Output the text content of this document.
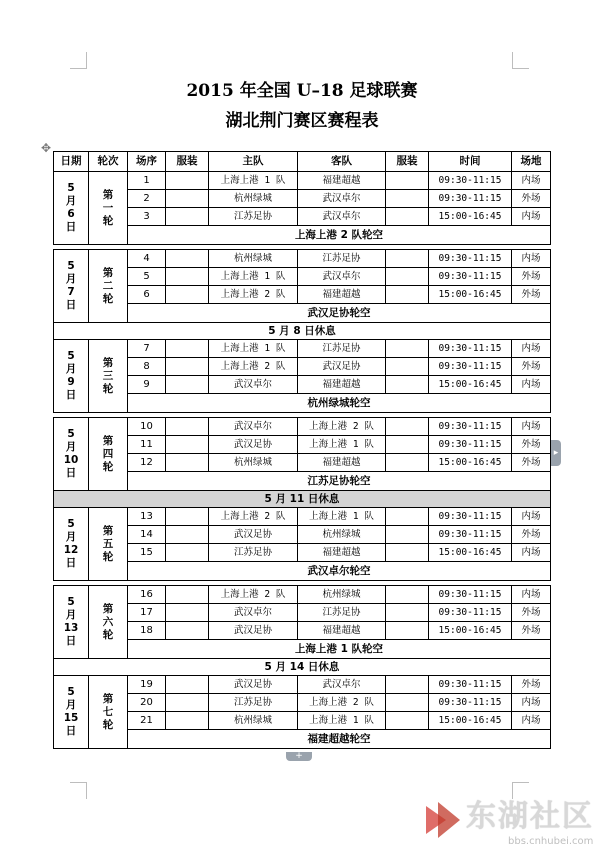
2015 年全国 U–18 足球联赛
湖北荆门赛区赛程表
✥
日期	轮次	场序	服装	主队	客队	服装	时间	场地

5
月
6
日	第
一
轮	1		上海上港 1 队	福建超越		09:30-11:15	内场
		2		杭州绿城	武汉卓尔		09:30-11:15	外场
		3		江苏足协	武汉卓尔		15:00-16:45	内场
		上海上港 2 队轮空						

5
月
7
日	第
二
轮	4		杭州绿城	江苏足协		09:30-11:15	内场
		5		上海上港 1 队	武汉卓尔		09:30-11:15	外场
		6		上海上港 2 队	福建超越		15:00-16:45	外场
		武汉足协轮空						
5 月 8 日休息								

5
月
9
日	第
三
轮	7		上海上港 1 队	江苏足协		09:30-11:15	内场
		8		上海上港 2 队	武汉足协		09:30-11:15	外场
		9		武汉卓尔	福建超越		15:00-16:45	内场
		杭州绿城轮空						

5
月
10
日	第
四
轮	10		武汉卓尔	上海上港 2 队		09:30-11:15	内场
		11		武汉足协	上海上港 1 队		09:30-11:15	外场
		12		杭州绿城	福建超越		15:00-16:45	外场
		江苏足协轮空						
5 月 11 日休息								

5
月
12
日	第
五
轮	13		上海上港 2 队	上海上港 1 队		09:30-11:15	内场
		14		武汉足协	杭州绿城		09:30-11:15	外场
		15		江苏足协	福建超越		15:00-16:45	内场
		武汉卓尔轮空						

5
月
13
日	第
六
轮	16		上海上港 2 队	杭州绿城		09:30-11:15	内场
		17		武汉卓尔	江苏足协		09:30-11:15	外场
		18		武汉足协	福建超越		15:00-16:45	外场
		上海上港 1 队轮空						
5 月 14 日休息								

5
月
15
日	第
七
轮	19		武汉足协	武汉卓尔		09:30-11:15	外场
		20		江苏足协	上海上港 2 队		09:30-11:15	内场
		21		杭州绿城	上海上港 1 队		15:00-16:45	内场
		福建超越轮空						
▸
+
东湖社区
bbs.cnhubei.com
